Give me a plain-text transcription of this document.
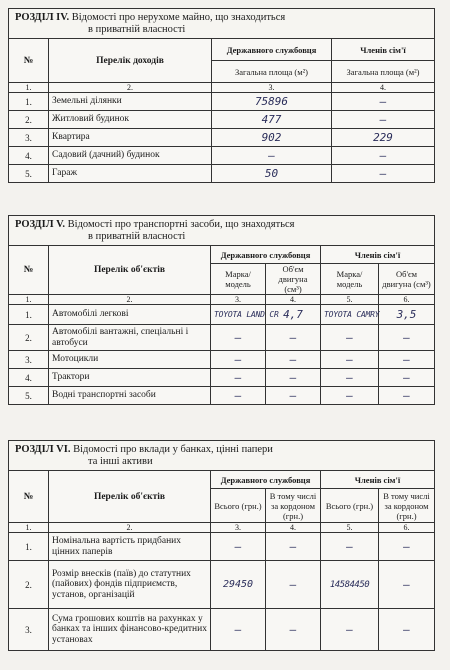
РОЗДІЛ IV. Відомості про нерухоме майно, що знаходиться
в приватній власності
№	Перелік доходів	Державного службовця	Членів сім'ї
		Загальна площа (м²)	Загальна площа (м²)
1.	2.	3.	4.
1.	Земельні ділянки	75896	–
2.	Житловий будинок	477	–
3.	Квартира	902	229
4.	Садовий (дачний) будинок	–	–
5.	Гараж	50	–
РОЗДІЛ V. Відомості про транспортні засоби, що знаходяться
в приватній власності
№	Перелік об'єктів	Державного службовця		Членів сім'ї	
		Марка/ модель	Об'єм двигуна (см³)	Марка/ модель	Об'єм двигуна (см³)
1.	2.	3.	4.	5.	6.
1.	Автомобілі легкові	TOYOTA LAND CR	4,7	TOYOTA CAMRY	3,5
2.	Автомобілі вантажні, спеціальні і автобуси	–	–	–	–
3.	Мотоцикли	–	–	–	–
4.	Трактори	–	–	–	–
5.	Водні транспортні засоби	–	–	–	–
РОЗДІЛ VI. Відомості про вклади у банках, цінні папери
та інші активи
№	Перелік об'єктів	Державного службовця		Членів сім'ї	
		Всього (грн.)	В тому числі за кордоном (грн.)	Всього (грн.)	В тому числі за кордоном (грн.)
1.	2.	3.	4.	5.	6.
1.	Номінальна вартість придбаних цінних паперів	–	–	–	–
2.	Розмір внесків (паїв) до статутних (пайових) фондів підприємств, установ, організацій	29450	–	14584450	–
3.	Сума грошових коштів на рахунках у банках та інших фінансово-кредитних установах	–	–	–	–
